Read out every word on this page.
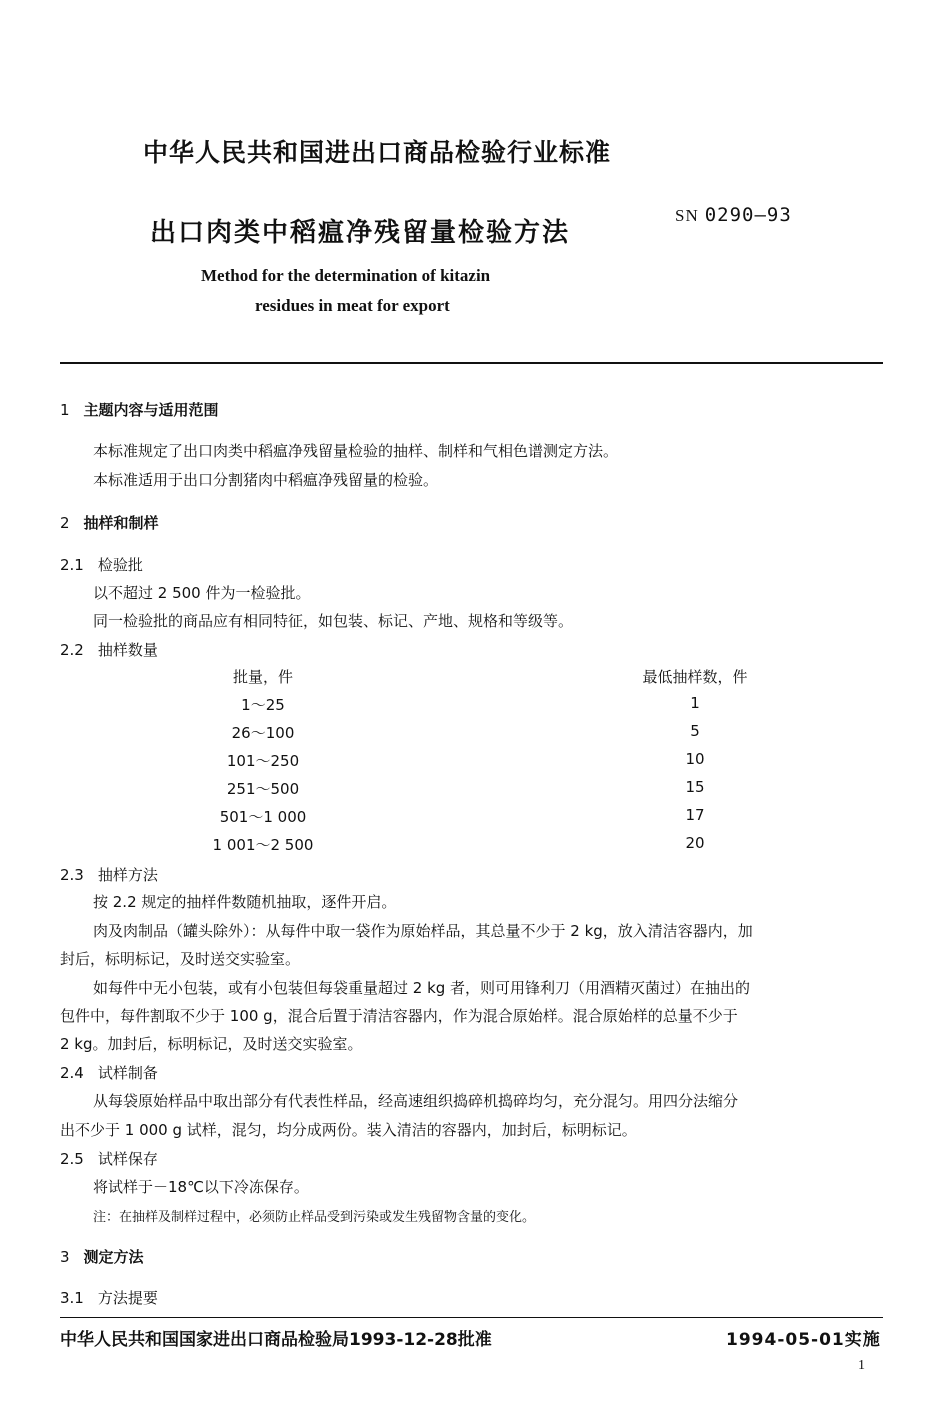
中华人民共和国进出口商品检验行业标准
出口肉类中稻瘟净残留量检验方法
SN 0290—93
Method for the determination of kitazin
residues in meat for export
1 主题内容与适用范围
本标准规定了出口肉类中稻瘟净残留量检验的抽样、制样和气相色谱测定方法。
本标准适用于出口分割猪肉中稻瘟净残留量的检验。
2 抽样和制样
2.1 检验批
以不超过 2 500 件为一检验批。
同一检验批的商品应有相同特征，如包装、标记、产地、规格和等级等。
2.2 抽样数量
批量，件	最低抽样数，件
1～25	1
26～100	5
101～250	10
251～500	15
501～1 000	17
1 001～2 500	20
2.3 抽样方法
按 2.2 规定的抽样件数随机抽取，逐件开启。
肉及肉制品（罐头除外）：从每件中取一袋作为原始样品，其总量不少于 2 kg，放入清洁容器内，加
封后，标明标记，及时送交实验室。
如每件中无小包装，或有小包装但每袋重量超过 2 kg 者，则可用锋利刀（用酒精灭菌过）在抽出的
包件中，每件割取不少于 100 g，混合后置于清洁容器内，作为混合原始样。混合原始样的总量不少于
2 kg。加封后，标明标记，及时送交实验室。
2.4 试样制备
从每袋原始样品中取出部分有代表性样品，经高速组织捣碎机捣碎均匀，充分混匀。用四分法缩分
出不少于 1 000 g 试样，混匀，均分成两份。装入清洁的容器内，加封后，标明标记。
2.5 试样保存
将试样于－18℃以下冷冻保存。
注：在抽样及制样过程中，必须防止样品受到污染或发生残留物含量的变化。
3 测定方法
3.1 方法提要
中华人民共和国国家进出口商品检验局1993-12-28批准	1994-05-01实施
1
